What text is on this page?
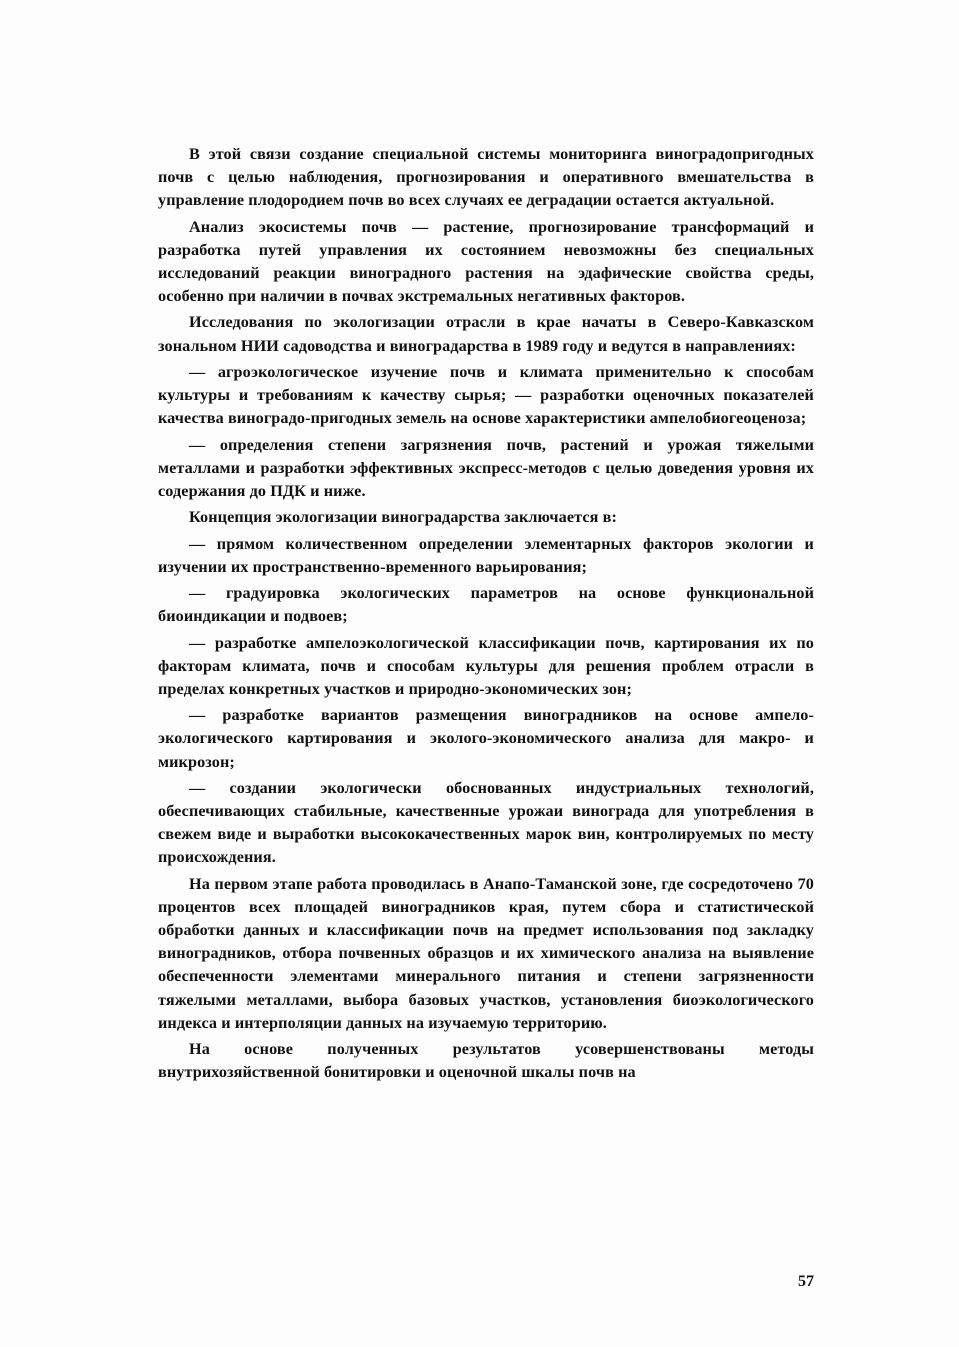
В этой связи создание специальной системы мониторинга виноградопригодных почв с целью наблюдения, прогнозирования и оперативного вмешательства в управление плодородием почв во всех случаях ее деградации остается актуальной.

Анализ экосистемы почв — растение, прогнозирование трансформаций и разработка путей управления их состоянием невозможны без специальных исследований реакции виноградного растения на эдафические свойства среды, особенно при наличии в почвах экстремальных негативных факторов.

Исследования по экологизации отрасли в крае начаты в Северо-Кавказском зональном НИИ садоводства и виноградарства в 1989 году и ведутся в направлениях:

— агроэкологическое изучение почв и климата применительно к способам культуры и требованиям к качеству сырья; — разработки оценочных показателей качества виноградо-пригодных земель на основе характеристики ампелобиогеоценоза;

— определения степени загрязнения почв, растений и урожая тяжелыми металлами и разработки эффективных экспресс-методов с целью доведения уровня их содержания до ПДК и ниже.

Концепция экологизации виноградарства заключается в:

— прямом количественном определении элементарных факторов экологии и изучении их пространственно-временного варьирования;

— градуировка экологических параметров на основе функциональной биоиндикации и подвоев;

— разработке ампелоэкологической классификации почв, картирования их по факторам климата, почв и способам культуры для решения проблем отрасли в пределах конкретных участков и природно-экономических зон;

— разработке вариантов размещения виноградников на основе ампело-экологического картирования и эколого-экономического анализа для макро- и микрозон;

— создании экологически обоснованных индустриальных технологий, обеспечивающих стабильные, качественные урожаи винограда для употребления в свежем виде и выработки высококачественных марок вин, контролируемых по месту происхождения.

На первом этапе работа проводилась в Анапо-Таманской зоне, где сосредоточено 70 процентов всех площадей виноградников края, путем сбора и статистической обработки данных и классификации почв на предмет использования под закладку виноградников, отбора почвенных образцов и их химического анализа на выявление обеспеченности элементами минерального питания и степени загрязненности тяжелыми металлами, выбора базовых участков, установления биоэкологического индекса и интерполяции данных на изучаемую территорию.

На основе полученных результатов усовершенствованы методы внутрихозяйственной бонитировки и оценочной шкалы почв на

57
